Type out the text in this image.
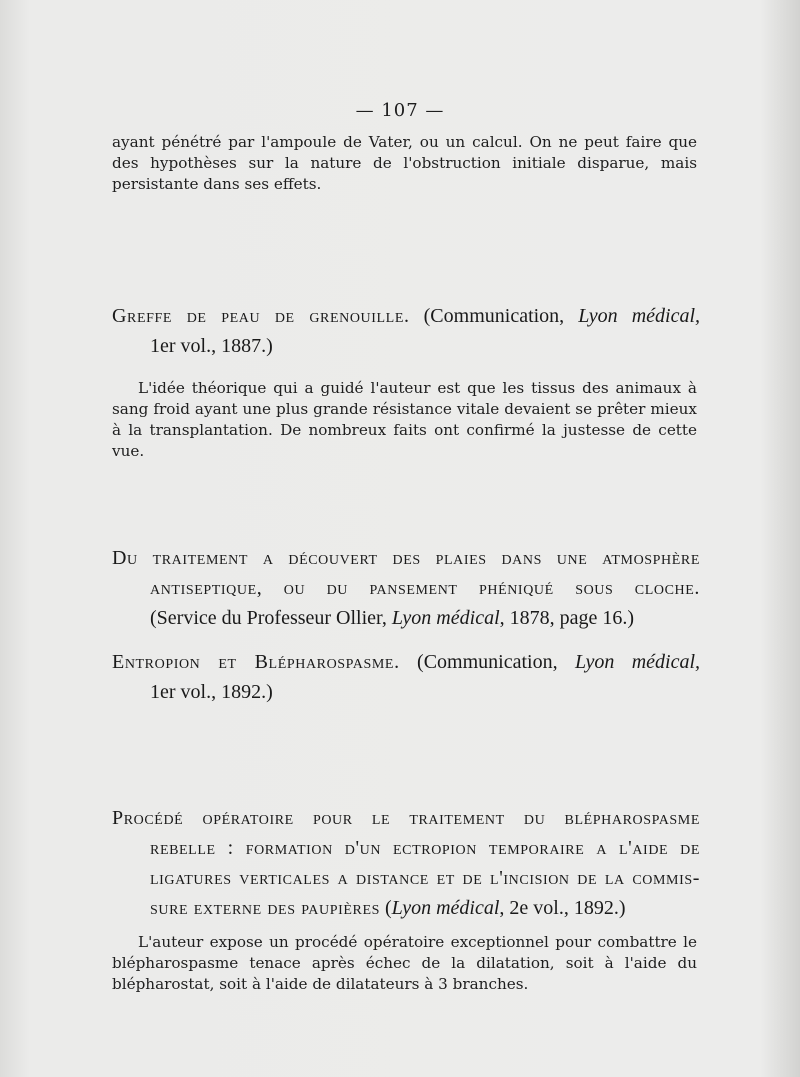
— 107 —

ayant pénétré par l'ampoule de Vater, ou un calcul. On ne peut faire que des hypothèses sur la nature de l'obstruction initiale disparue, mais persistante dans ses effets.

Greffe de peau de grenouille. (Communication, Lyon médical,
1er vol., 1887.)

L'idée théorique qui a guidé l'auteur est que les tissus des animaux à sang froid ayant une plus grande résistance vitale devaient se prêter mieux à la transplantation. De nombreux faits ont confirmé la justesse de cette vue.

Du traitement a découvert des plaies dans une atmosphère
antiseptique, ou du pansement phéniqué sous cloche.
(Service du Professeur Ollier, Lyon médical, 1878, page 16.)
Entropion et Blépharospasme. (Communication, Lyon médical,
1er vol., 1892.)
Procédé opératoire pour le traitement du blépharospasme
rebelle : formation d'un ectropion temporaire a l'aide de
ligatures verticales a distance et de l'incision de la commis-
sure externe des paupières (Lyon médical, 2e vol., 1892.)

L'auteur expose un procédé opératoire exceptionnel pour combattre le blépharospasme tenace après échec de la dilatation, soit à l'aide du blépharostat, soit à l'aide de dilatateurs à 3 branches.
